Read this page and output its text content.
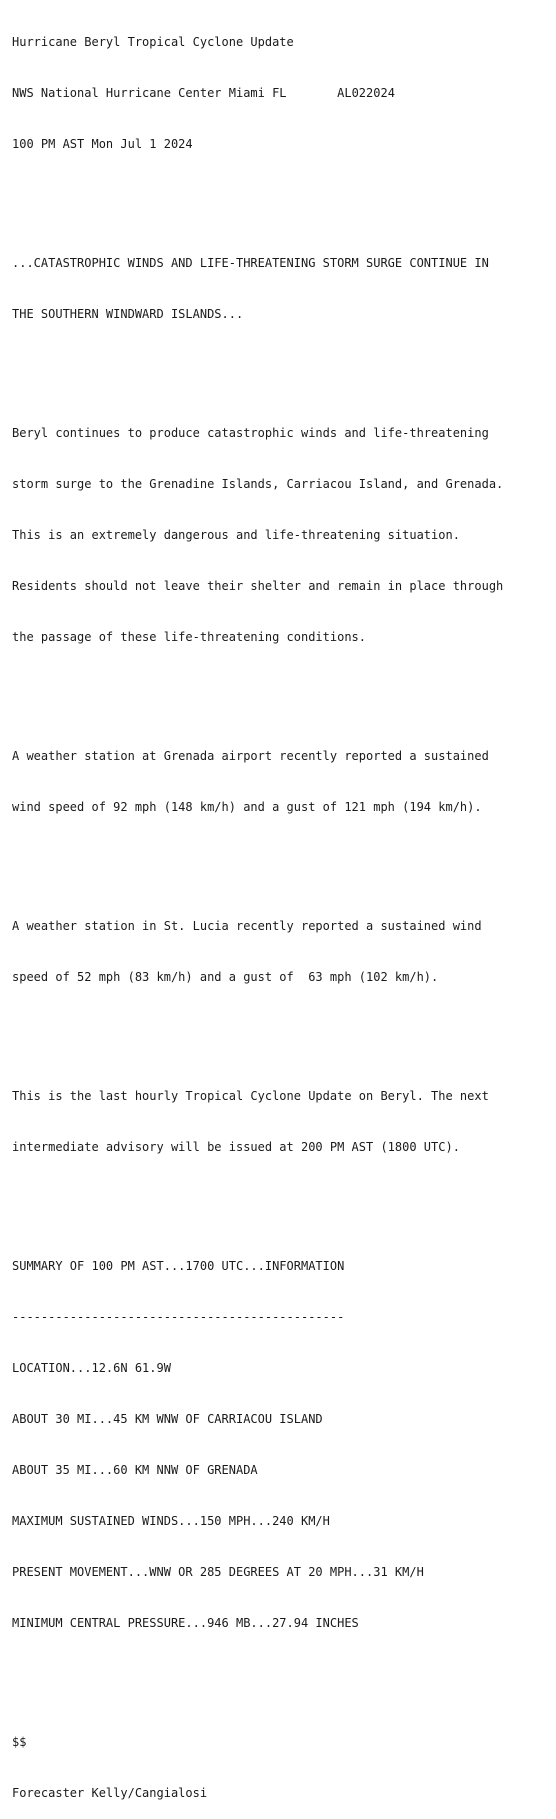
Hurricane Beryl Tropical Cyclone Update

NWS National Hurricane Center Miami FL	AL022024

100 PM AST Mon Jul 1 2024

...CATASTROPHIC WINDS AND LIFE-THREATENING STORM SURGE CONTINUE IN

THE SOUTHERN WINDWARD ISLANDS...

Beryl continues to produce catastrophic winds and life-threatening

storm surge to the Grenadine Islands, Carriacou Island, and Grenada.

This is an extremely dangerous and life-threatening situation.

Residents should not leave their shelter and remain in place through

the passage of these life-threatening conditions.

A weather station at Grenada airport recently reported a sustained

wind speed of 92 mph (148 km/h) and a gust of 121 mph (194 km/h).

A weather station in St. Lucia recently reported a sustained wind

speed of 52 mph (83 km/h) and a gust of  63 mph (102 km/h).

This is the last hourly Tropical Cyclone Update on Beryl. The next

intermediate advisory will be issued at 200 PM AST (1800 UTC).

SUMMARY OF 100 PM AST...1700 UTC...INFORMATION

----------------------------------------------

LOCATION...12.6N 61.9W

ABOUT 30 MI...45 KM WNW OF CARRIACOU ISLAND

ABOUT 35 MI...60 KM NNW OF GRENADA

MAXIMUM SUSTAINED WINDS...150 MPH...240 KM/H

PRESENT MOVEMENT...WNW OR 285 DEGREES AT 20 MPH...31 KM/H

MINIMUM CENTRAL PRESSURE...946 MB...27.94 INCHES

$$

Forecaster Kelly/Cangialosi
